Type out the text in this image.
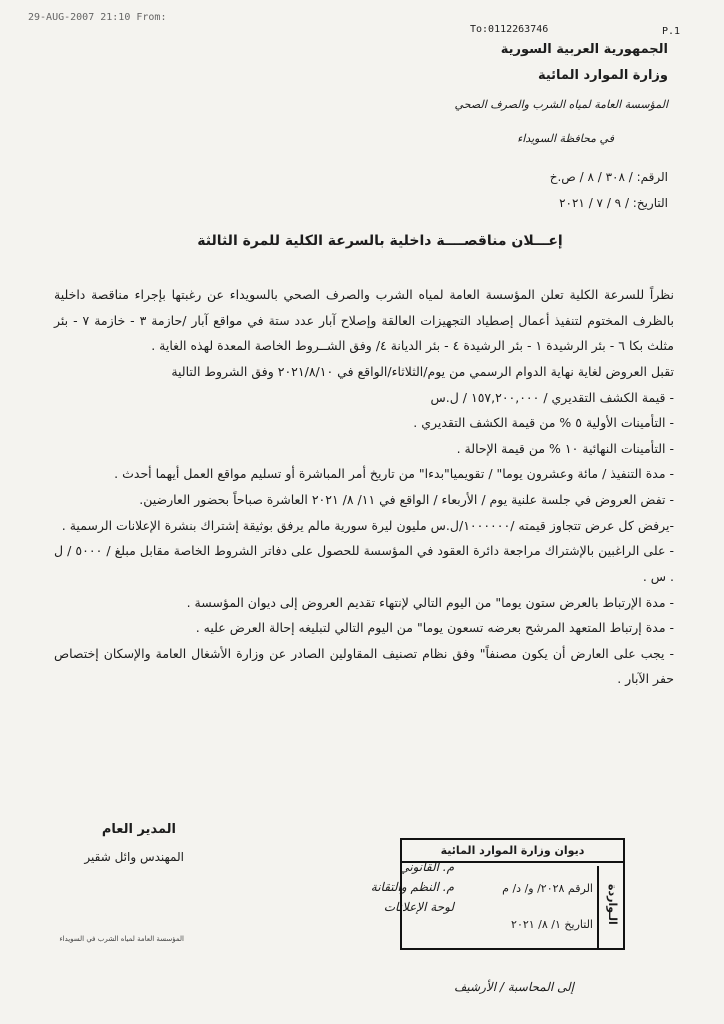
29-AUG-2007 21:10 From:
To:0112263746	P.1
الجمهورية العربية السورية
وزارة الموارد المائية
المؤسسة العامة لمياه الشرب والصرف الصحي
في محافظة السويداء
الرقم: / ٣٠٨ / ٨ / ص.خ
التاريخ: / ٩ / ٧ / ٢٠٢١
إعـــلان مناقصــــة داخلية بالسرعة الكلية للمرة الثالثة

نظراً للسرعة الكلية تعلن المؤسسة العامة لمياه الشرب والصرف الصحي بالسويداء عن رغبتها بإجراء مناقصة داخلية بالظرف المختوم لتنفيذ أعمال إصطياد التجهيزات العالقة وإصلاح آبار عدد ستة في مواقع آبار /حازمة ٣ - خازمة ٧ - بئر مثلث بكا ٦ - بئر الرشيدة ١ - بئر الرشيدة ٤ - بئر الديانة ٤/ وفق الشــروط الخاصة المعدة لهذه الغاية .

تقبل العروض لغاية نهاية الدوام الرسمي من يوم/الثلاثاء/الواقع في ٢٠٢١/٨/١٠ وفق الشروط التالية

- قيمة الكشف التقديري / ١٥٧,٢٠٠,٠٠٠ / ل.س

- التأمينات الأولية ٥ % من قيمة الكشف التقديري .

- التأمينات النهائية ١٠ % من قيمة الإحالة .

- مدة التنفيذ / مائة وعشرون يوما" / تقويميا"بدءا" من تاريخ أمر المباشرة أو تسليم مواقع العمل أيهما أحدث .

- تفض العروض في جلسة علنية يوم / الأربعاء / الواقع في ١١/ ٨/ ٢٠٢١ العاشرة صباحاً بحضور العارضين.

-يرفض كل عرض تتجاوز قيمته /١٠٠٠٠٠٠/ل.س مليون ليرة سورية مالم يرفق بوثيقة إشتراك بنشرة الإعلانات الرسمية .

- على الراغبين بالإشتراك مراجعة دائرة العقود في المؤسسة للحصول على دفاتر الشروط الخاصة مقابل مبلغ / ٥٠٠٠ / ل . س .

- مدة الإرتباط بالعرض ستون يوما" من اليوم التالي لإنتهاء تقديم العروض إلى ديوان المؤسسة .

- مدة إرتباط المتعهد المرشح بعرضه تسعون يوما" من اليوم التالي لتبليغه إحالة العرض عليه .

- يجب على العارض أن يكون مصنفاً" وفق نظام تصنيف المقاولين الصادر عن وزارة الأشغال العامة والإسكان إختصاص حفر الآبار .

المدير العام
المهندس وائل شقير
المؤسسة العامة لمياه الشرب في السويداء
م. القانوني
م. النظم والتقانة
لوحة الإعلانات
ديوان وزارة الموارد المائية
الـواردة
الرقم ٢٠٢٨/ و/ د/ م
التاريخ ١/ ٨/ ٢٠٢١
إلى المحاسبة / الأرشيف
